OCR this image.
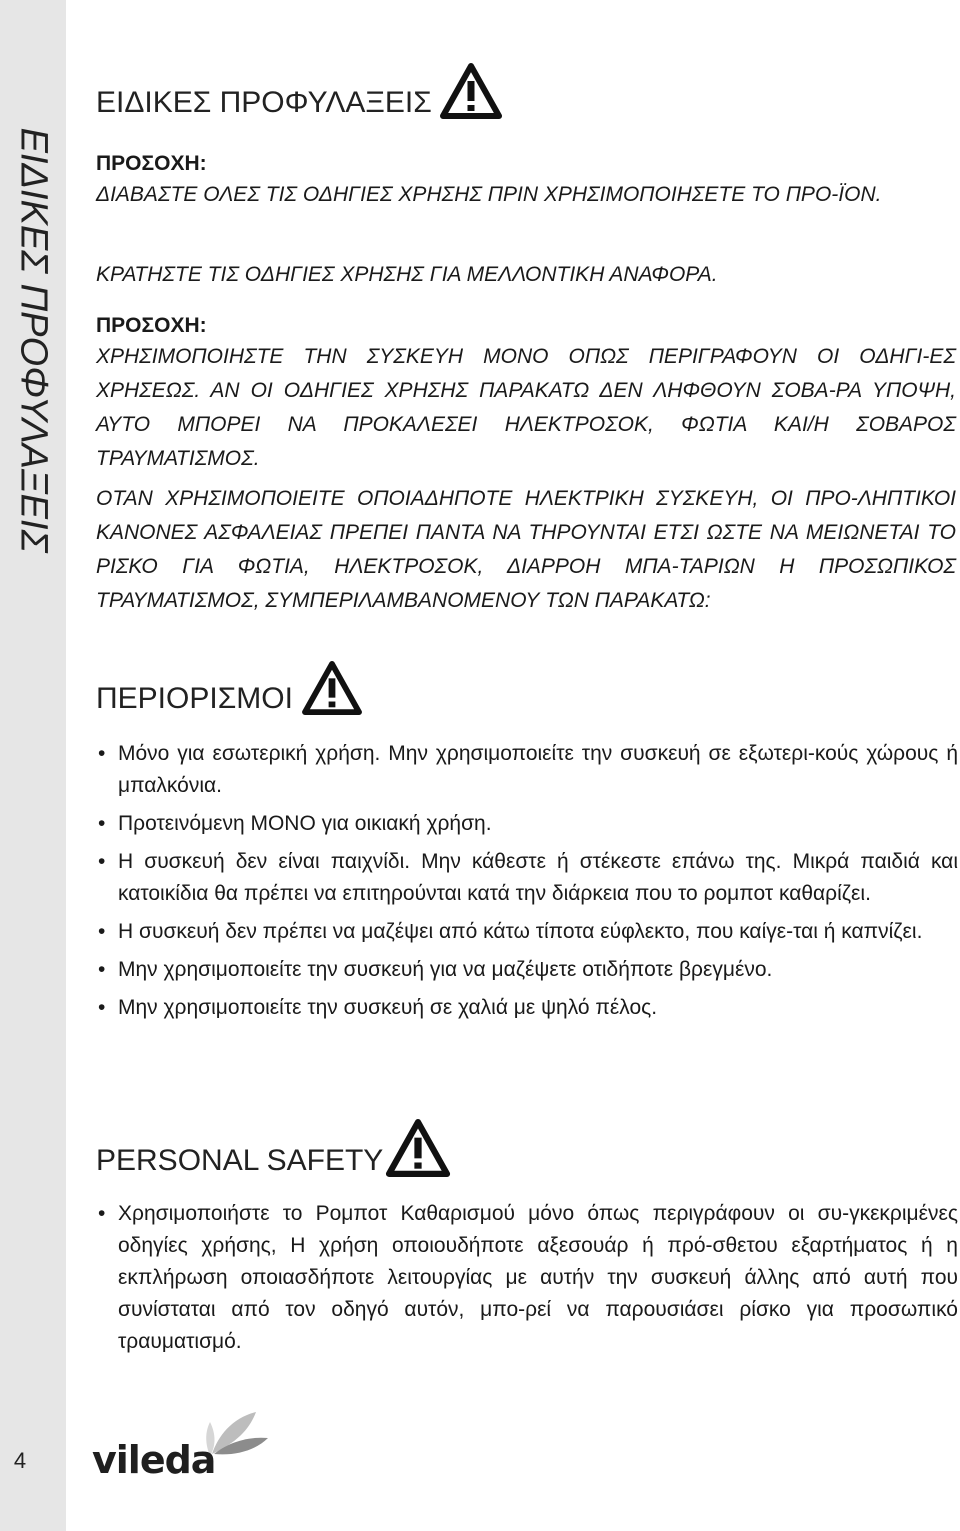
ΕΙΔΙΚΕΣ ΠΡΟΦΥΛΑΞΕΙΣ
4
ΕΙΔΙΚΕΣ ΠΡΟΦΥΛΑΞΕΙΣ
ΠΡΟΣΟΧΗ:
ΔΙΑΒΑΣΤΕ ΟΛΕΣ ΤΙΣ ΟΔΗΓΙΕΣ ΧΡΗΣΗΣ ΠΡΙΝ ΧΡΗΣΙΜΟΠΟΙΗΣΕΤΕ ΤΟ ΠΡΟ-ΪΟΝ.
ΚΡΑΤΗΣΤΕ ΤΙΣ ΟΔΗΓΙΕΣ ΧΡΗΣΗΣ ΓΙΑ ΜΕΛΛΟΝΤΙΚΗ ΑΝΑΦΟΡΑ.
ΠΡΟΣΟΧΗ:
ΧΡΗΣΙΜΟΠΟΙΗΣΤΕ ΤΗΝ ΣΥΣΚΕΥΗ ΜΟΝΟ ΟΠΩΣ ΠΕΡΙΓΡΑΦΟΥΝ ΟΙ ΟΔΗΓΙ-ΕΣ ΧΡΗΣΕΩΣ. ΑΝ ΟΙ ΟΔΗΓΙΕΣ ΧΡΗΣΗΣ ΠΑΡΑΚΑΤΩ ΔΕΝ ΛΗΦΘΟΥΝ ΣΟΒΑ-ΡΑ ΥΠΟΨΗ, ΑΥΤΟ ΜΠΟΡΕΙ ΝΑ ΠΡΟΚΑΛΕΣΕΙ ΗΛΕΚΤΡΟΣΟΚ, ΦΩΤΙΑ ΚΑΙ/Η ΣΟΒΑΡΟΣ ΤΡΑΥΜΑΤΙΣΜΟΣ.
ΟΤΑΝ ΧΡΗΣΙΜΟΠΟΙΕΙΤΕ ΟΠΟΙΑΔΗΠΟΤΕ ΗΛΕΚΤΡΙΚΗ ΣΥΣΚΕΥΗ, ΟΙ ΠΡΟ-ΛΗΠΤΙΚΟΙ ΚΑΝΟΝΕΣ ΑΣΦΑΛΕΙΑΣ ΠΡΕΠΕΙ ΠΑΝΤΑ ΝΑ ΤΗΡΟΥΝΤΑΙ ΕΤΣΙ ΩΣΤΕ ΝΑ ΜΕΙΩΝΕΤΑΙ ΤΟ ΡΙΣΚΟ ΓΙΑ ΦΩΤΙΑ, ΗΛΕΚΤΡΟΣΟΚ, ΔΙΑΡΡΟΗ ΜΠΑ-ΤΑΡΙΩΝ Η ΠΡΟΣΩΠΙΚΟΣ ΤΡΑΥΜΑΤΙΣΜΟΣ, ΣΥΜΠΕΡΙΛΑΜΒΑΝΟΜΕΝΟΥ ΤΩΝ ΠΑΡΑΚΑΤΩ:
ΠΕΡΙΟΡΙΣΜΟΙ
• Μόνο για εσωτερική χρήση. Μην χρησιμοποιείτε την συσκευή σε εξωτερι-κούς χώρους ή μπαλκόνια.
• Προτεινόμενη ΜΟΝΟ για οικιακή χρήση.
• Η συσκευή δεν είναι παιχνίδι. Μην κάθεστε ή στέκεστε επάνω της. Μικρά παιδιά και κατοικίδια θα πρέπει να επιτηρούνται κατά την διάρκεια που το ρομποτ καθαρίζει.
• Η συσκευή δεν πρέπει να μαζέψει από κάτω τίποτα εύφλεκτο, που καίγε-ται ή καπνίζει.
• Μην χρησιμοποιείτε την συσκευή για να μαζέψετε οτιδήποτε βρεγμένο.
• Μην χρησιμοποιείτε την συσκευή σε χαλιά με ψηλό πέλος.
PERSONAL SAFETY
• Χρησιμοποιήστε το Ρομποτ Καθαρισμού μόνο όπως περιγράφουν οι συ-γκεκριμένες οδηγίες χρήσης, Η χρήση οποιουδήποτε αξεσουάρ ή πρό-σθετου εξαρτήματος ή η εκπλήρωση οποιασδήποτε λειτουργίας με αυτήν την συσκευή άλλης από αυτή που συνίσταται από τον οδηγό αυτόν, μπο-ρεί να παρουσιάσει ρίσκο για προσωπικό τραυματισμό.
vileda
